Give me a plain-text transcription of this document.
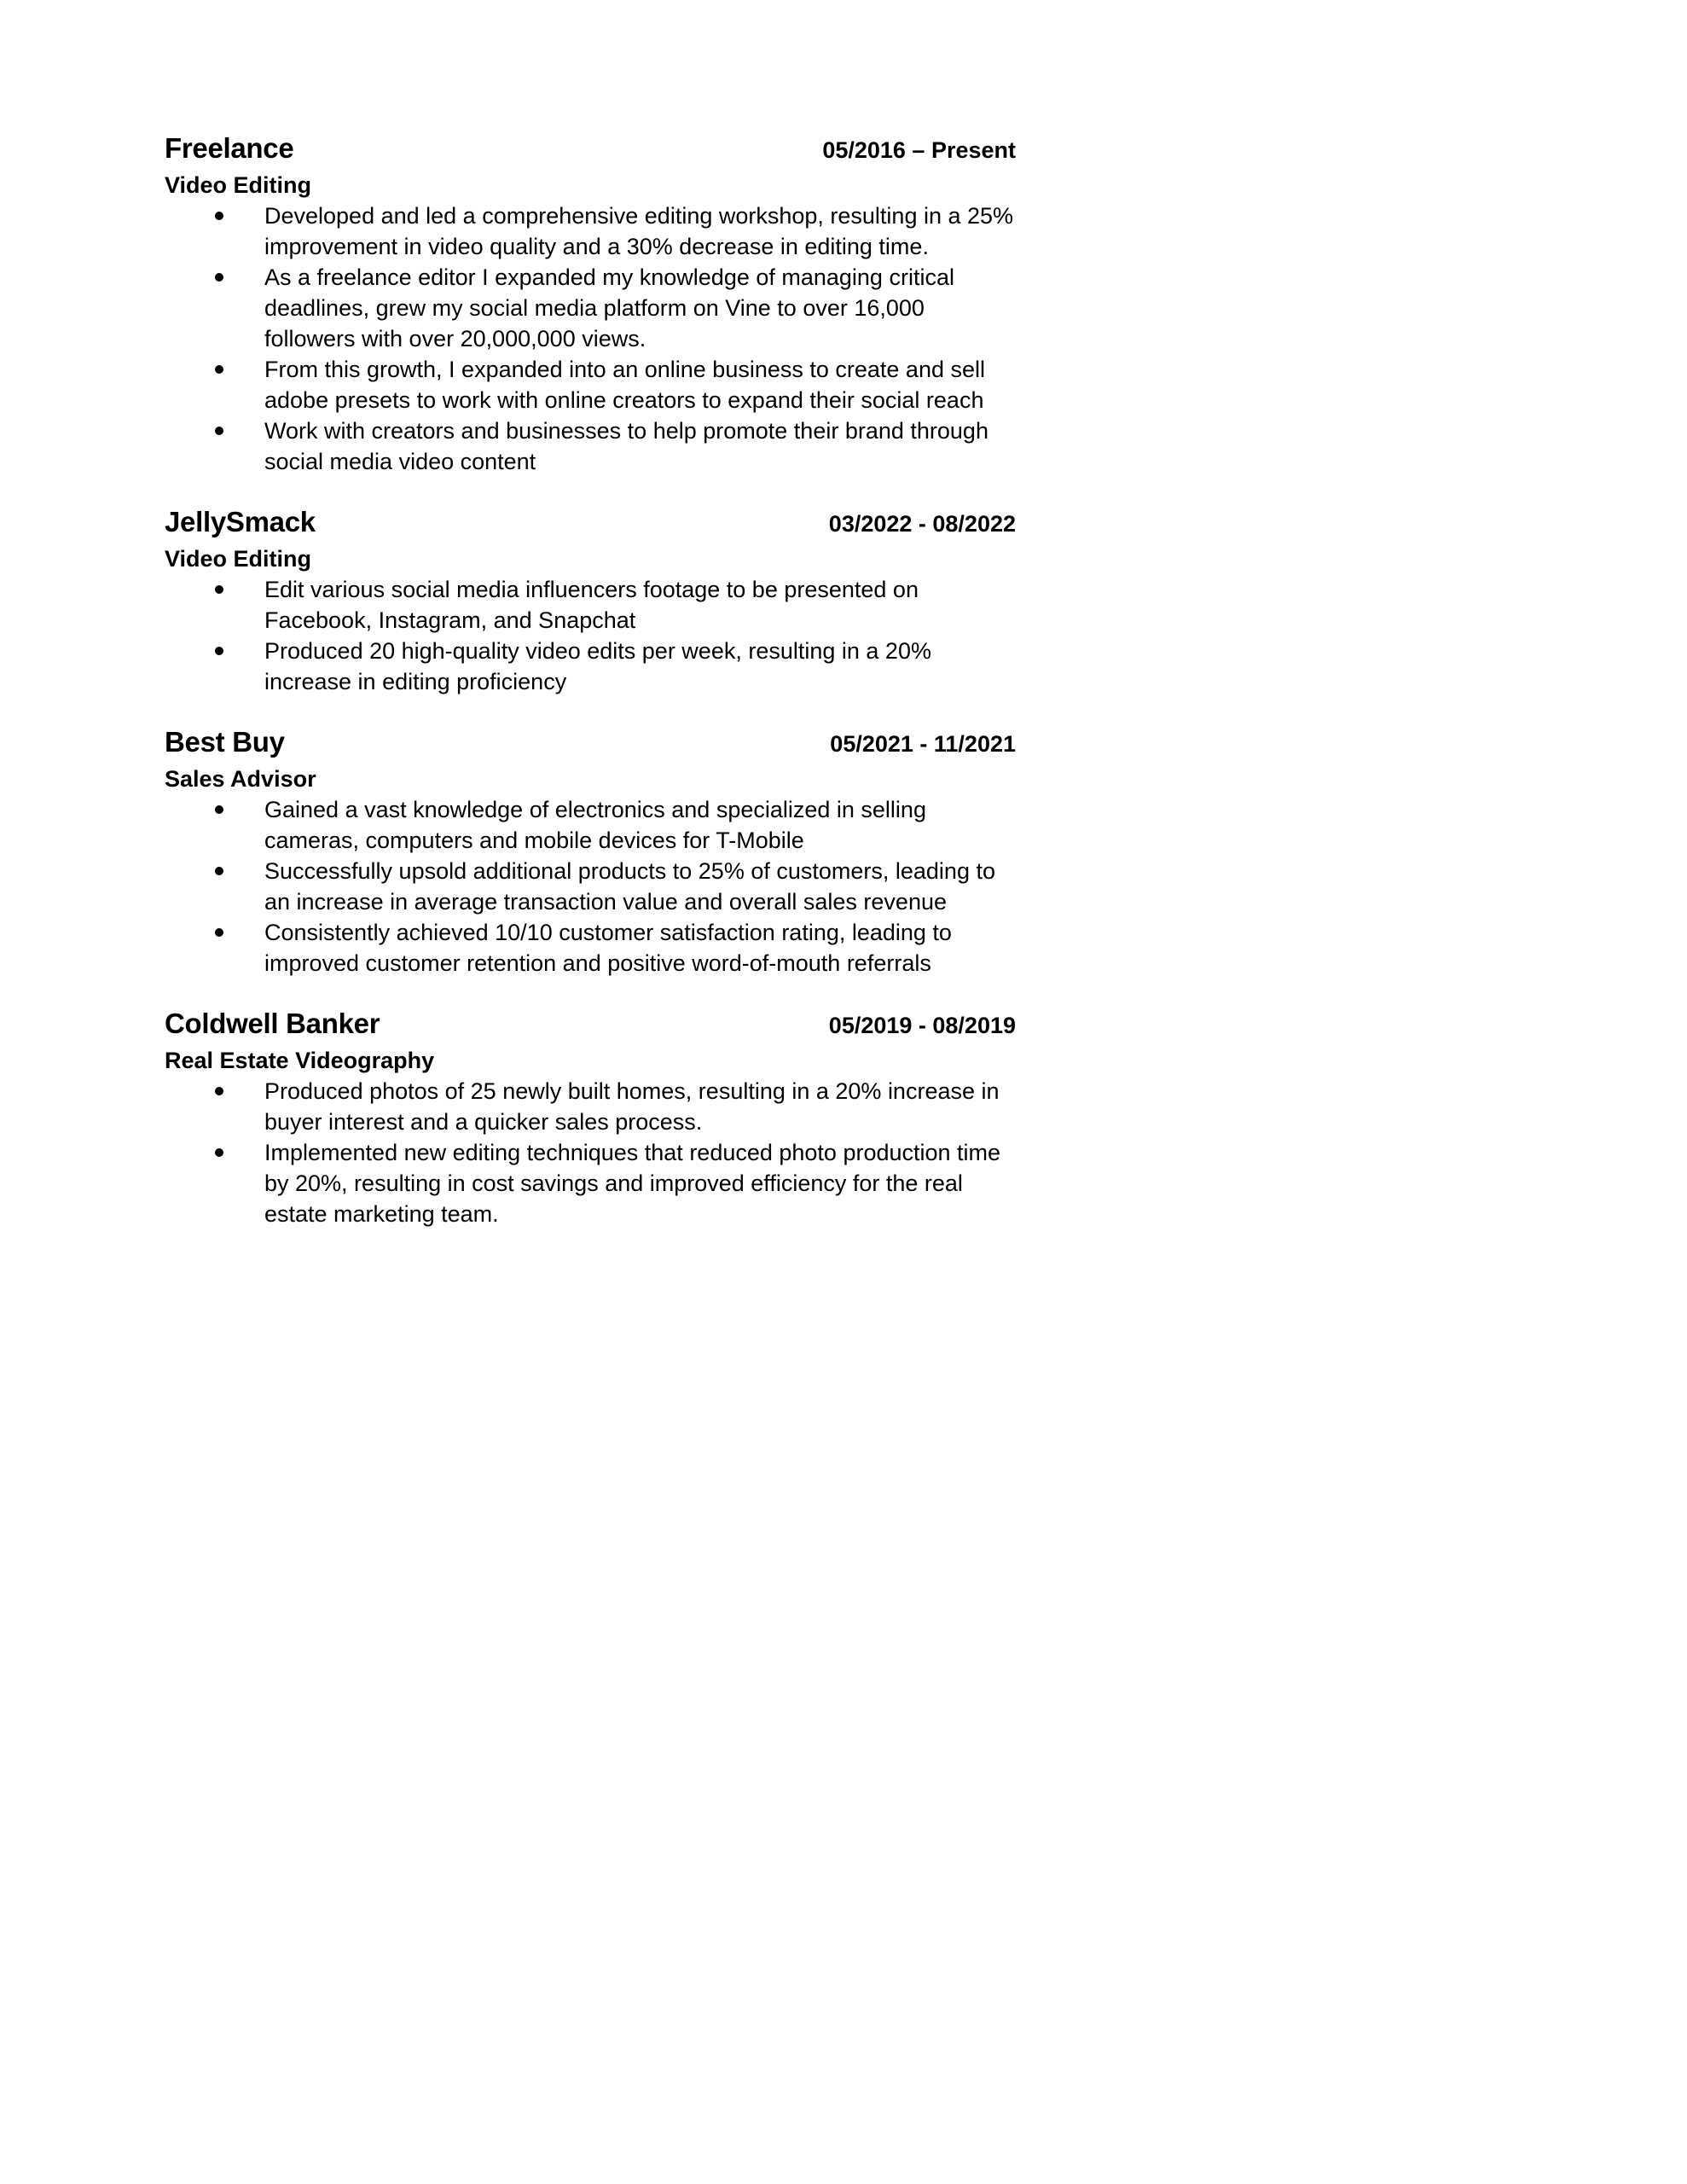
Freelance	05/2016 – Present
Video Editing
Developed and led a comprehensive editing workshop, resulting in a 25% improvement in video quality and a 30% decrease in editing time.
As a freelance editor I expanded my knowledge of managing critical deadlines, grew my social media platform on Vine to over 16,000 followers with over 20,000,000 views.
From this growth, I expanded into an online business to create and sell adobe presets to work with online creators to expand their social reach
Work with creators and businesses to help promote their brand through social media video content
JellySmack	03/2022 - 08/2022
Video Editing
Edit various social media influencers footage to be presented on Facebook, Instagram, and Snapchat
Produced 20 high-quality video edits per week, resulting in a 20% increase in editing proficiency
Best Buy	05/2021 - 11/2021
Sales Advisor
Gained a vast knowledge of electronics and specialized in selling cameras, computers and mobile devices for T-Mobile
Successfully upsold additional products to 25% of customers, leading to an increase in average transaction value and overall sales revenue
Consistently achieved 10/10 customer satisfaction rating, leading to improved customer retention and positive word-of-mouth referrals
Coldwell Banker	05/2019 - 08/2019
Real Estate Videography
Produced photos of 25 newly built homes, resulting in a 20% increase in buyer interest and a quicker sales process.
Implemented new editing techniques that reduced photo production time by 20%, resulting in cost savings and improved efficiency for the real estate marketing team.
